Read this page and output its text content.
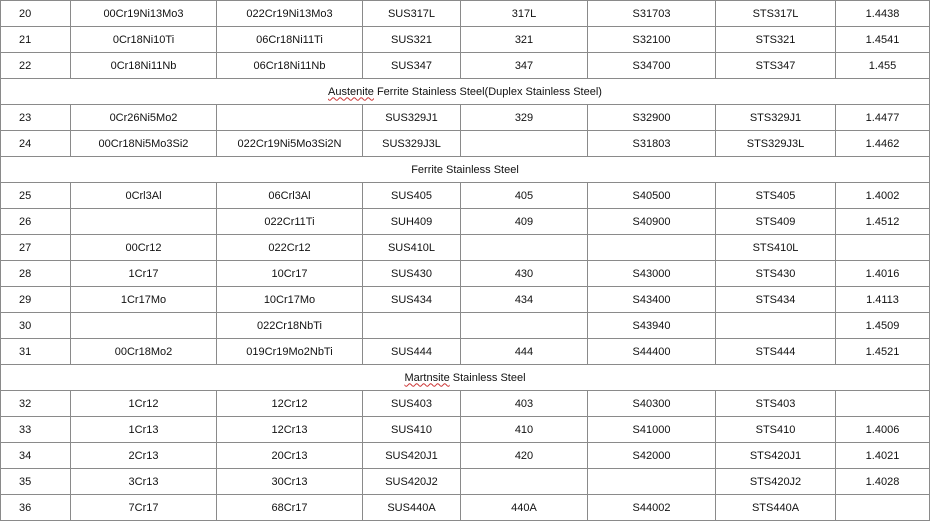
20	00Cr19Ni13Mo3	022Cr19Ni13Mo3	SUS317L	317L	S31703	STS317L	1.4438
21	0Cr18Ni10Ti	06Cr18Ni11Ti	SUS321	321	S32100	STS321	1.4541
22	0Cr18Ni11Nb	06Cr18Ni11Nb	SUS347	347	S34700	STS347	1.455
Austenite Ferrite Stainless Steel(Duplex Stainless Steel)							
23	0Cr26Ni5Mo2		SUS329J1	329	S32900	STS329J1	1.4477
24	00Cr18Ni5Mo3Si2	022Cr19Ni5Mo3Si2N	SUS329J3L		S31803	STS329J3L	1.4462
Ferrite Stainless Steel							
25	0Crl3Al	06Crl3Al	SUS405	405	S40500	STS405	1.4002
26		022Cr11Ti	SUH409	409	S40900	STS409	1.4512
27	00Cr12	022Cr12	SUS410L			STS410L	
28	1Cr17	10Cr17	SUS430	430	S43000	STS430	1.4016
29	1Cr17Mo	10Cr17Mo	SUS434	434	S43400	STS434	1.4113
30		022Cr18NbTi			S43940		1.4509
31	00Cr18Mo2	019Cr19Mo2NbTi	SUS444	444	S44400	STS444	1.4521
Martnsite Stainless Steel							
32	1Cr12	12Cr12	SUS403	403	S40300	STS403	
33	1Cr13	12Cr13	SUS410	410	S41000	STS410	1.4006
34	2Cr13	20Cr13	SUS420J1	420	S42000	STS420J1	1.4021
35	3Cr13	30Cr13	SUS420J2			STS420J2	1.4028
36	7Cr17	68Cr17	SUS440A	440A	S44002	STS440A	
